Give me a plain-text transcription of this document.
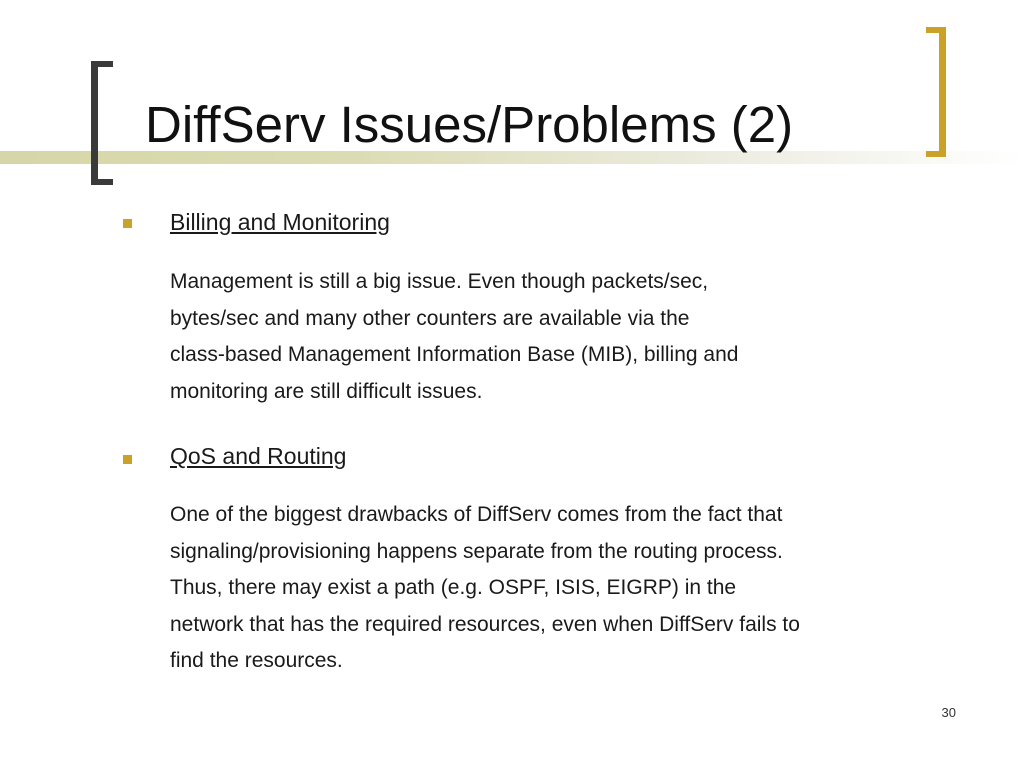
DiffServ Issues/Problems (2)
Billing and Monitoring

Management is still a big issue. Even though packets/sec,
bytes/sec and many other counters are available via the
class-based Management Information Base (MIB), billing and
monitoring are still difficult issues.

QoS and Routing

One of the biggest drawbacks of DiffServ comes from the fact that
signaling/provisioning happens separate from the routing process.
Thus, there may exist a path (e.g. OSPF, ISIS, EIGRP) in the
network that has the required resources, even when DiffServ fails to
find the resources.

30
